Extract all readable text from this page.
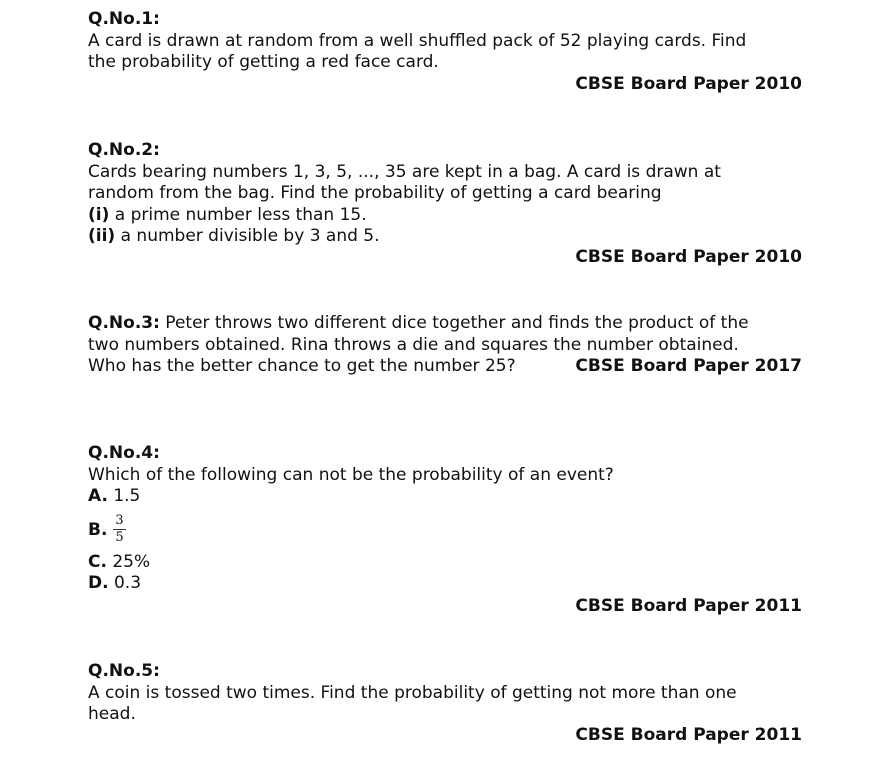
Q.No.1:
A card is drawn at random from a well shuffled pack of 52 playing cards. Find
the probability of getting a red face card.
CBSE Board Paper 2010
Q.No.2:
Cards bearing numbers 1, 3, 5, ..., 35 are kept in a bag. A card is drawn at
random from the bag. Find the probability of getting a card bearing
(i) a prime number less than 15.
(ii) a number divisible by 3 and 5.
CBSE Board Paper 2010
Q.No.3: Peter throws two different dice together and finds the product of the
two numbers obtained. Rina throws a die and squares the number obtained.
Who has the better chance to get the number 25?	CBSE Board Paper 2017
Q.No.4:
Which of the following can not be the probability of an event?
A. 1.5
B. $\frac{3}{5}$
C. 25%
D. 0.3
CBSE Board Paper 2011
Q.No.5:
A coin is tossed two times. Find the probability of getting not more than one
head.
CBSE Board Paper 2011
